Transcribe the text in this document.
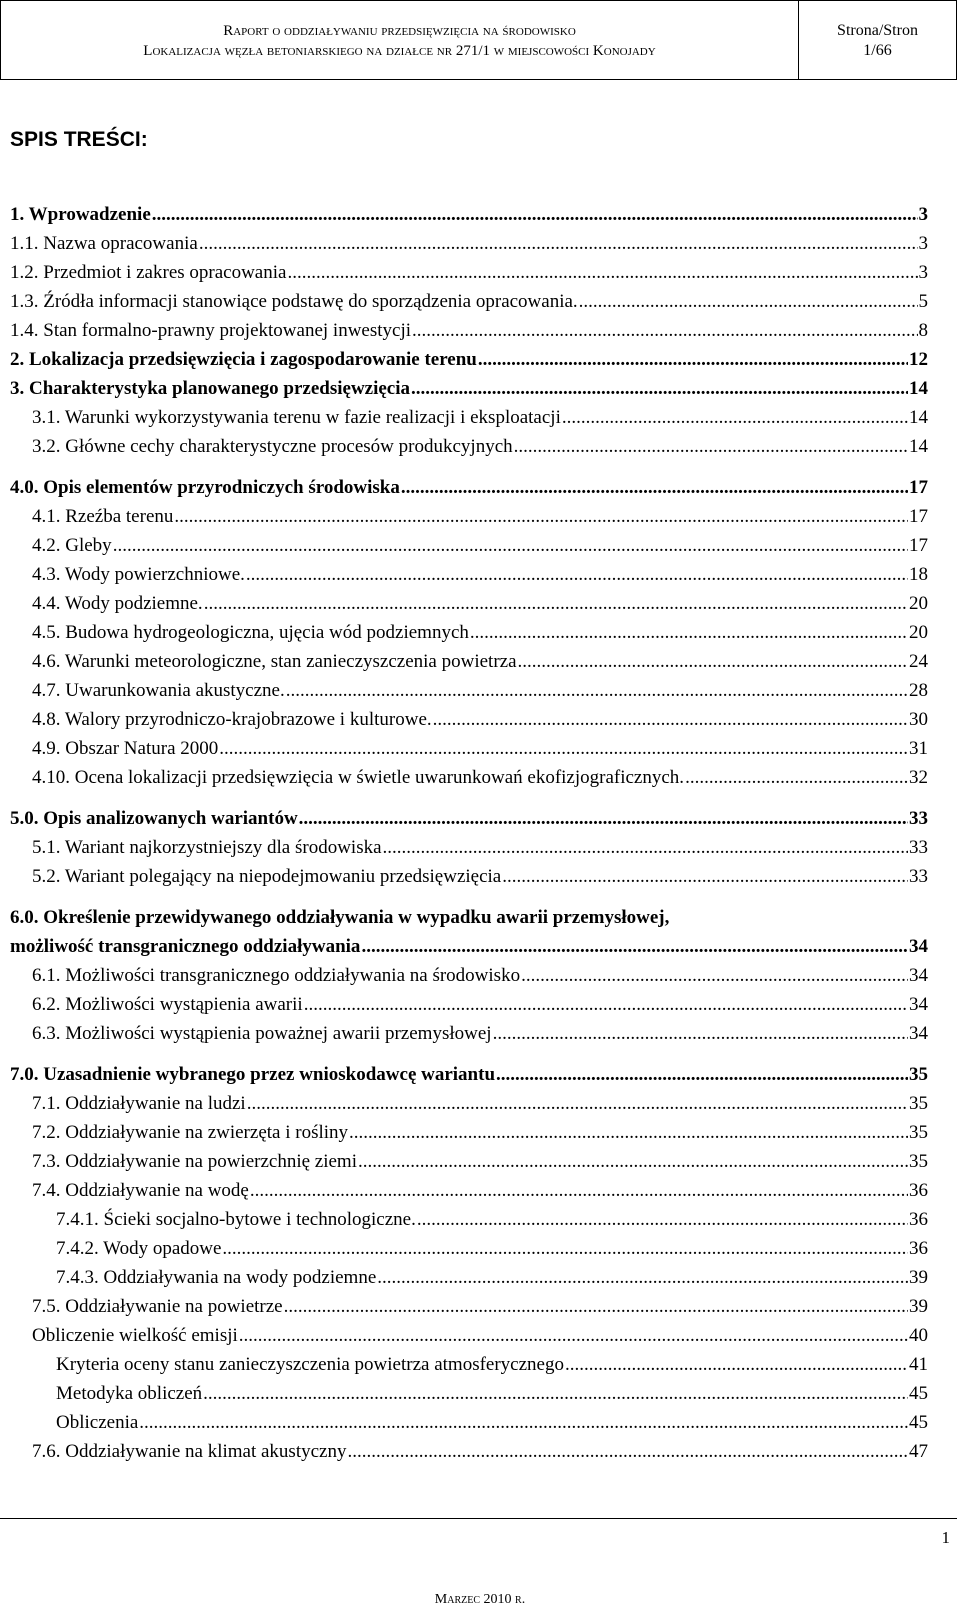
Raport o oddziaływaniu przedsięwzięcia na środowisko
Lokalizacja węzła betoniarskiego na działce nr 271/1 w miejscowości Konojady
Strona/Stron
1/66
SPIS TREŚCI:
1. Wprowadzenie .....	3
1.1. Nazwa opracowania .....	3
1.2. Przedmiot i zakres opracowania .....	3
1.3. Źródła informacji stanowiące podstawę do sporządzenia opracowania. .....	5
1.4. Stan formalno-prawny projektowanej inwestycji .....	8
2. Lokalizacja przedsięwzięcia i zagospodarowanie terenu .....	12
3. Charakterystyka planowanego przedsięwzięcia .....	14
3.1. Warunki wykorzystywania terenu w fazie realizacji i eksploatacji .....	14
3.2. Główne cechy charakterystyczne procesów produkcyjnych .....	14
4.0. Opis elementów przyrodniczych środowiska .....	17
4.1. Rzeźba terenu .....	17
4.2. Gleby .....	17
4.3. Wody powierzchniowe. .....	18
4.4. Wody podziemne. .....	20
4.5. Budowa hydrogeologiczna, ujęcia wód podziemnych .....	20
4.6. Warunki meteorologiczne, stan zanieczyszczenia powietrza .....	24
4.7. Uwarunkowania akustyczne. .....	28
4.8. Walory przyrodniczo-krajobrazowe i kulturowe. .....	30
4.9. Obszar Natura 2000 .....	31
4.10. Ocena lokalizacji przedsięwzięcia w świetle uwarunkowań ekofizjograficznych. .....	32
5.0. Opis analizowanych wariantów .....	33
5.1. Wariant najkorzystniejszy dla środowiska .....	33
5.2. Wariant polegający na niepodejmowaniu przedsięwzięcia .....	33
6.0. Określenie przewidywanego oddziaływania w wypadku awarii przemysłowej,
możliwość transgranicznego oddziaływania .....	34
6.1. Możliwości transgranicznego oddziaływania na środowisko .....	34
6.2. Możliwości wystąpienia awarii .....	34
6.3. Możliwości wystąpienia poważnej awarii przemysłowej .....	34
7.0. Uzasadnienie wybranego przez wnioskodawcę wariantu .....	35
7.1. Oddziaływanie na ludzi .....	35
7.2. Oddziaływanie na zwierzęta i rośliny .....	35
7.3. Oddziaływanie na powierzchnię ziemi .....	35
7.4. Oddziaływanie na wodę .....	36
7.4.1. Ścieki socjalno-bytowe i technologiczne. .....	36
7.4.2. Wody opadowe .....	36
7.4.3. Oddziaływania na wody podziemne .....	39
7.5. Oddziaływanie na powietrze .....	39
Obliczenie wielkość emisji .....	40
Kryteria oceny stanu zanieczyszczenia powietrza atmosferycznego .....	41
Metodyka obliczeń .....	45
Obliczenia .....	45
7.6. Oddziaływanie na klimat akustyczny .....	47
1
Marzec 2010 r.
